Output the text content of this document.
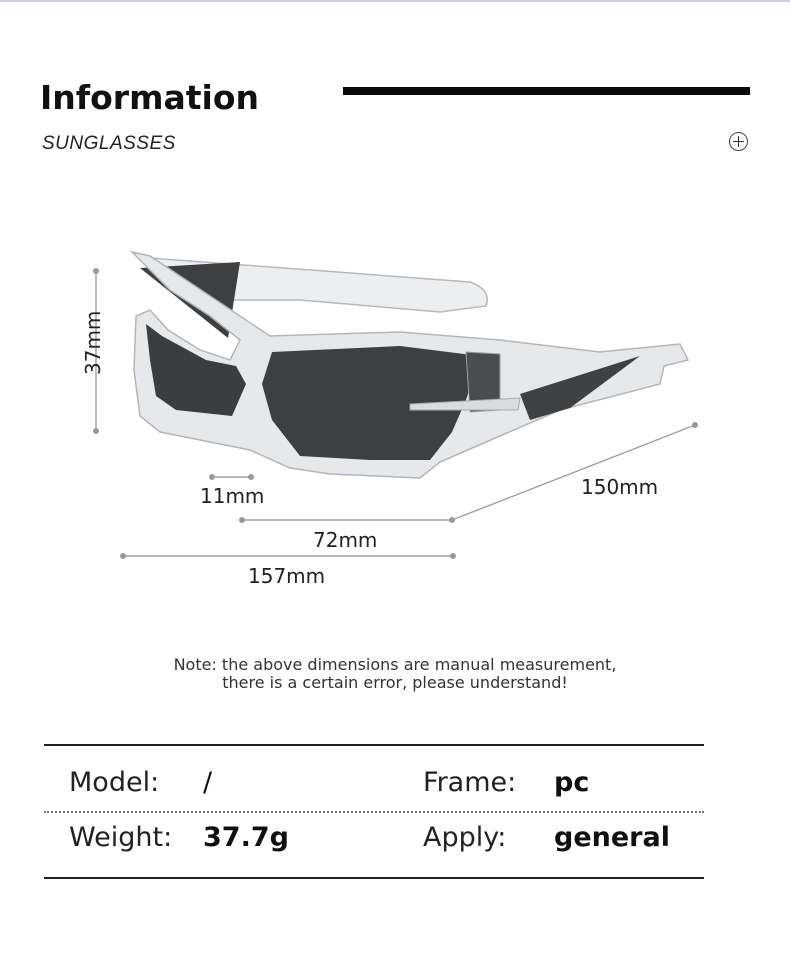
Information
SUNGLASSES
37mm
11mm
72mm
157mm
150mm
Note: the above dimensions are manual measurement,
there is a certain error, please understand!
Model: /	Frame: pc
Weight: 37.7g	Apply: general
